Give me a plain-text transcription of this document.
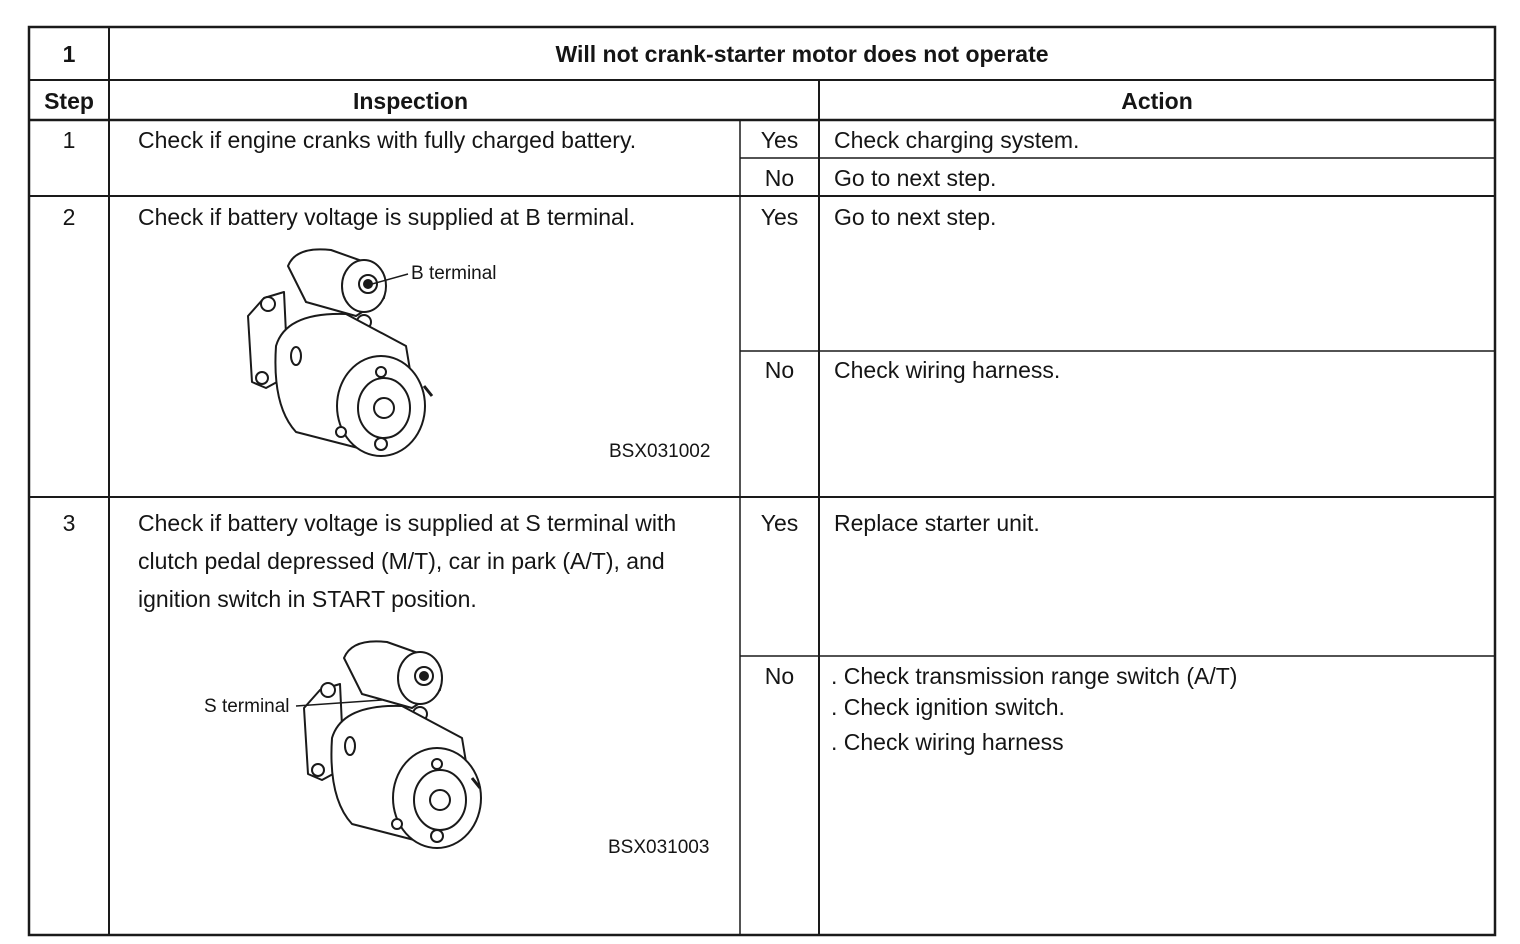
1	Will not crank-starter motor does not operate
Step	Inspection	Action
1	Check if engine cranks with fully charged battery.	Yes	Check charging system.
No	Go to next step.
2	Check if battery voltage is supplied at B terminal.	Yes	Go to next step.
No	Check wiring harness.
B terminal
BSX031002
3	Check if battery voltage is supplied at S terminal with
clutch pedal depressed (M/T), car in park (A/T), and
ignition switch in START position.
Yes	Replace starter unit.
No	. Check transmission range switch (A/T)
. Check ignition switch.
. Check wiring harness
S terminal
BSX031003
